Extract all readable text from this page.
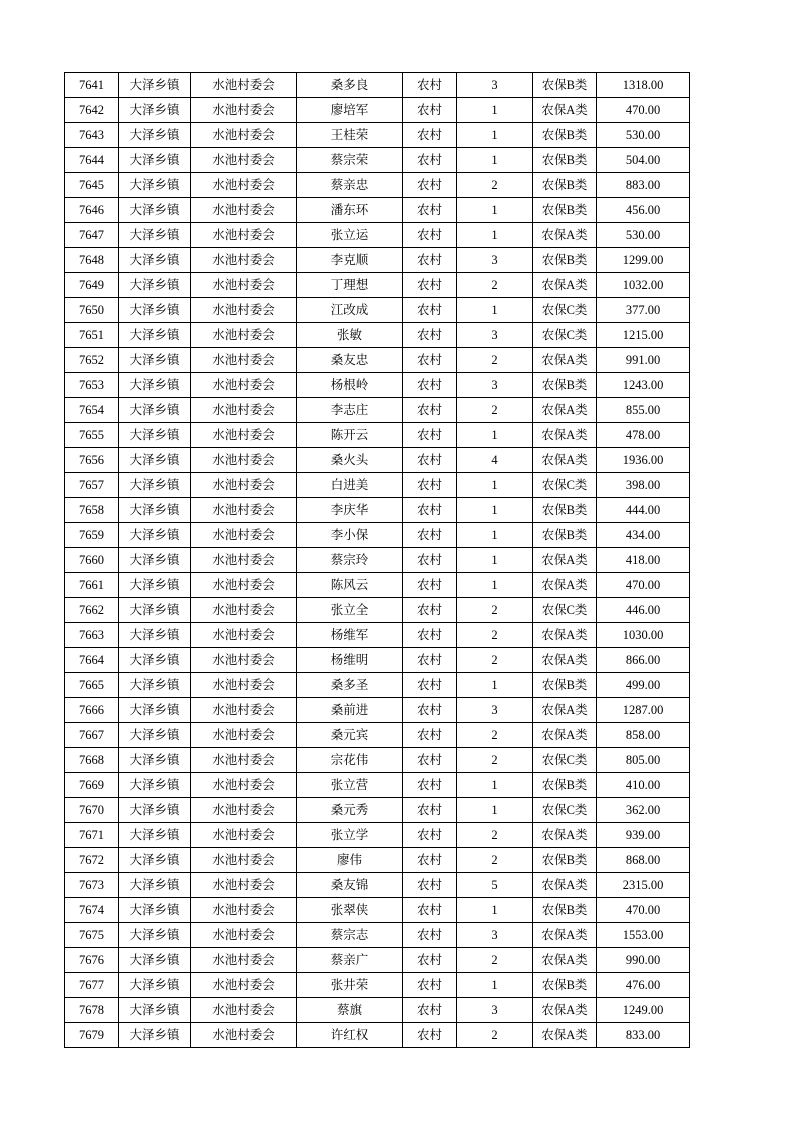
7641	大泽乡镇	水池村委会	桑多良	农村	3	农保B类	1318.00
7642	大泽乡镇	水池村委会	廖培军	农村	1	农保A类	470.00
7643	大泽乡镇	水池村委会	王桂荣	农村	1	农保B类	530.00
7644	大泽乡镇	水池村委会	蔡宗荣	农村	1	农保B类	504.00
7645	大泽乡镇	水池村委会	蔡亲忠	农村	2	农保B类	883.00
7646	大泽乡镇	水池村委会	潘东环	农村	1	农保B类	456.00
7647	大泽乡镇	水池村委会	张立运	农村	1	农保A类	530.00
7648	大泽乡镇	水池村委会	李克顺	农村	3	农保B类	1299.00
7649	大泽乡镇	水池村委会	丁理想	农村	2	农保A类	1032.00
7650	大泽乡镇	水池村委会	江改成	农村	1	农保C类	377.00
7651	大泽乡镇	水池村委会	张敏	农村	3	农保C类	1215.00
7652	大泽乡镇	水池村委会	桑友忠	农村	2	农保A类	991.00
7653	大泽乡镇	水池村委会	杨根岭	农村	3	农保B类	1243.00
7654	大泽乡镇	水池村委会	李志庄	农村	2	农保A类	855.00
7655	大泽乡镇	水池村委会	陈开云	农村	1	农保A类	478.00
7656	大泽乡镇	水池村委会	桑火头	农村	4	农保A类	1936.00
7657	大泽乡镇	水池村委会	白进美	农村	1	农保C类	398.00
7658	大泽乡镇	水池村委会	李庆华	农村	1	农保B类	444.00
7659	大泽乡镇	水池村委会	李小保	农村	1	农保B类	434.00
7660	大泽乡镇	水池村委会	蔡宗玲	农村	1	农保A类	418.00
7661	大泽乡镇	水池村委会	陈风云	农村	1	农保A类	470.00
7662	大泽乡镇	水池村委会	张立全	农村	2	农保C类	446.00
7663	大泽乡镇	水池村委会	杨维军	农村	2	农保A类	1030.00
7664	大泽乡镇	水池村委会	杨维明	农村	2	农保A类	866.00
7665	大泽乡镇	水池村委会	桑多圣	农村	1	农保B类	499.00
7666	大泽乡镇	水池村委会	桑前进	农村	3	农保A类	1287.00
7667	大泽乡镇	水池村委会	桑元宾	农村	2	农保A类	858.00
7668	大泽乡镇	水池村委会	宗花伟	农村	2	农保C类	805.00
7669	大泽乡镇	水池村委会	张立营	农村	1	农保B类	410.00
7670	大泽乡镇	水池村委会	桑元秀	农村	1	农保C类	362.00
7671	大泽乡镇	水池村委会	张立学	农村	2	农保A类	939.00
7672	大泽乡镇	水池村委会	廖伟	农村	2	农保B类	868.00
7673	大泽乡镇	水池村委会	桑友锦	农村	5	农保A类	2315.00
7674	大泽乡镇	水池村委会	张翠侠	农村	1	农保B类	470.00
7675	大泽乡镇	水池村委会	蔡宗志	农村	3	农保A类	1553.00
7676	大泽乡镇	水池村委会	蔡亲广	农村	2	农保A类	990.00
7677	大泽乡镇	水池村委会	张井荣	农村	1	农保B类	476.00
7678	大泽乡镇	水池村委会	蔡旗	农村	3	农保A类	1249.00
7679	大泽乡镇	水池村委会	许红权	农村	2	农保A类	833.00
